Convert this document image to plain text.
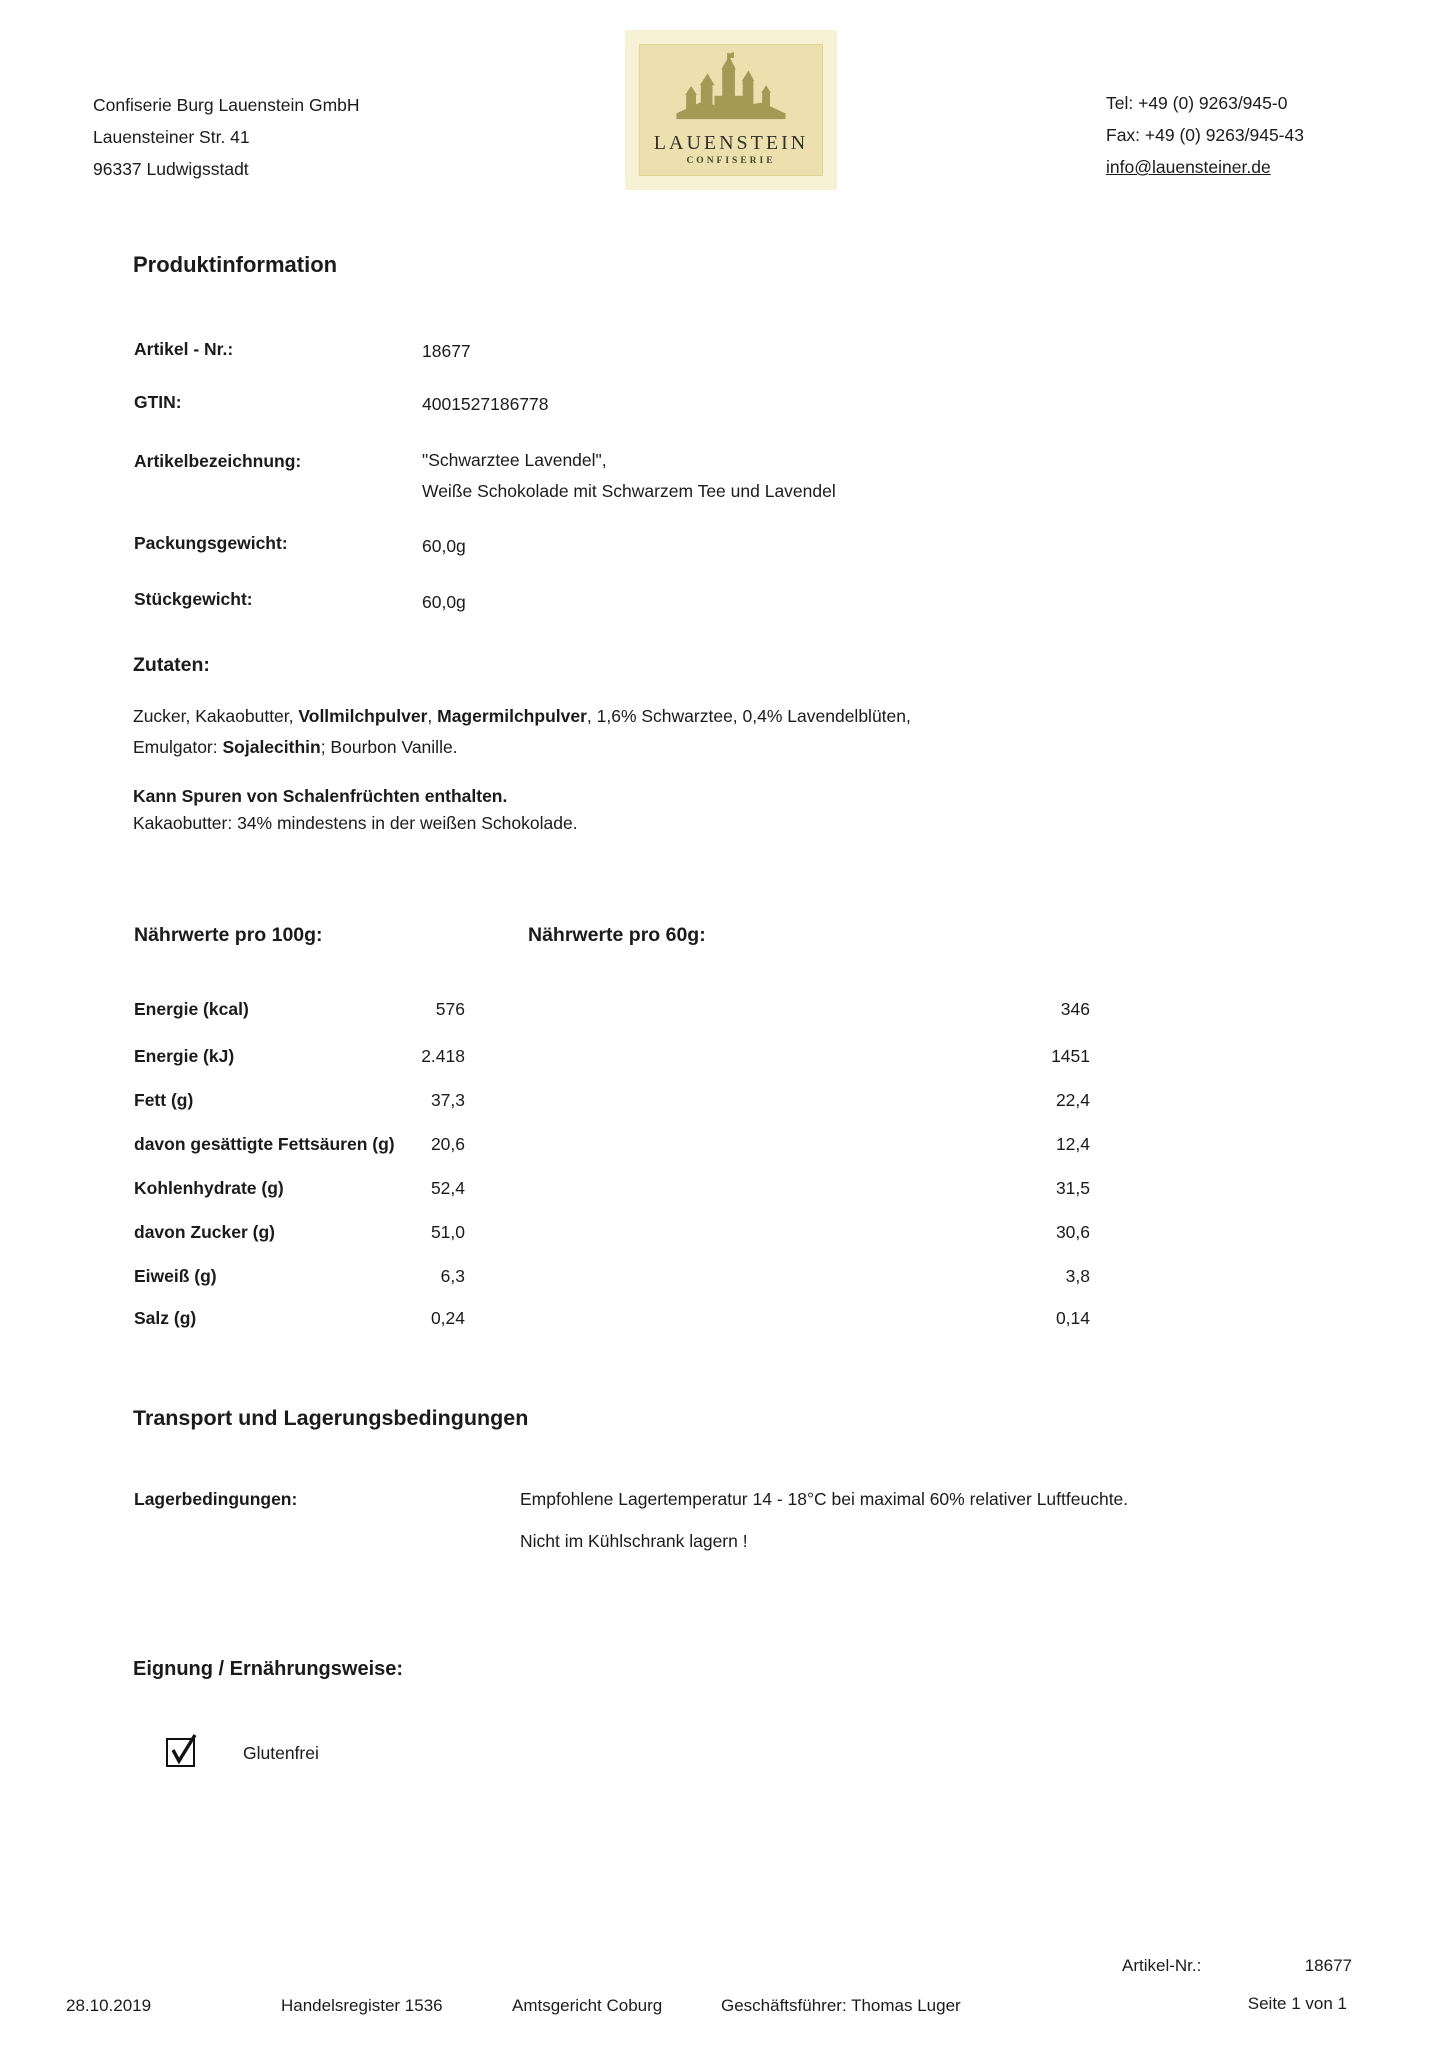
Confiserie Burg Lauenstein GmbH
Lauensteiner Str. 41
96337 Ludwigsstadt
LAUENSTEIN
CONFISERIE
Tel: +49 (0) 9263/945-0
Fax: +49 (0) 9263/945-43
info@lauensteiner.de
Produktinformation
Artikel - Nr.:	18677
GTIN:	4001527186778
Artikelbezeichnung:	"Schwarztee Lavendel",
Weiße Schokolade mit Schwarzem Tee und Lavendel
Packungsgewicht:	60,0g
Stückgewicht:	60,0g
Zutaten:
Zucker, Kakaobutter, Vollmilchpulver, Magermilchpulver, 1,6% Schwarztee, 0,4% Lavendelblüten,
Emulgator: Sojalecithin; Bourbon Vanille.
Kann Spuren von Schalenfrüchten enthalten.
Kakaobutter: 34% mindestens in der weißen Schokolade.
Nährwerte pro 100g:	Nährwerte pro 60g:
Energie (kcal)	576	346
Energie (kJ)	2.418	1451
Fett (g)	37,3	22,4
davon gesättigte Fettsäuren (g)	20,6	12,4
Kohlenhydrate (g)	52,4	31,5
davon Zucker (g)	51,0	30,6
Eiweiß (g)	6,3	3,8
Salz (g)	0,24	0,14
Transport und Lagerungsbedingungen
Lagerbedingungen:	Empfohlene Lagertemperatur 14 - 18°C bei maximal 60% relativer Luftfeuchte.
Nicht im Kühlschrank lagern !
Eignung / Ernährungsweise:
Glutenfrei
Artikel-Nr.:	18677
Seite 1 von 1
28.10.2019	Handelsregister 1536	Amtsgericht Coburg	Geschäftsführer: Thomas Luger
